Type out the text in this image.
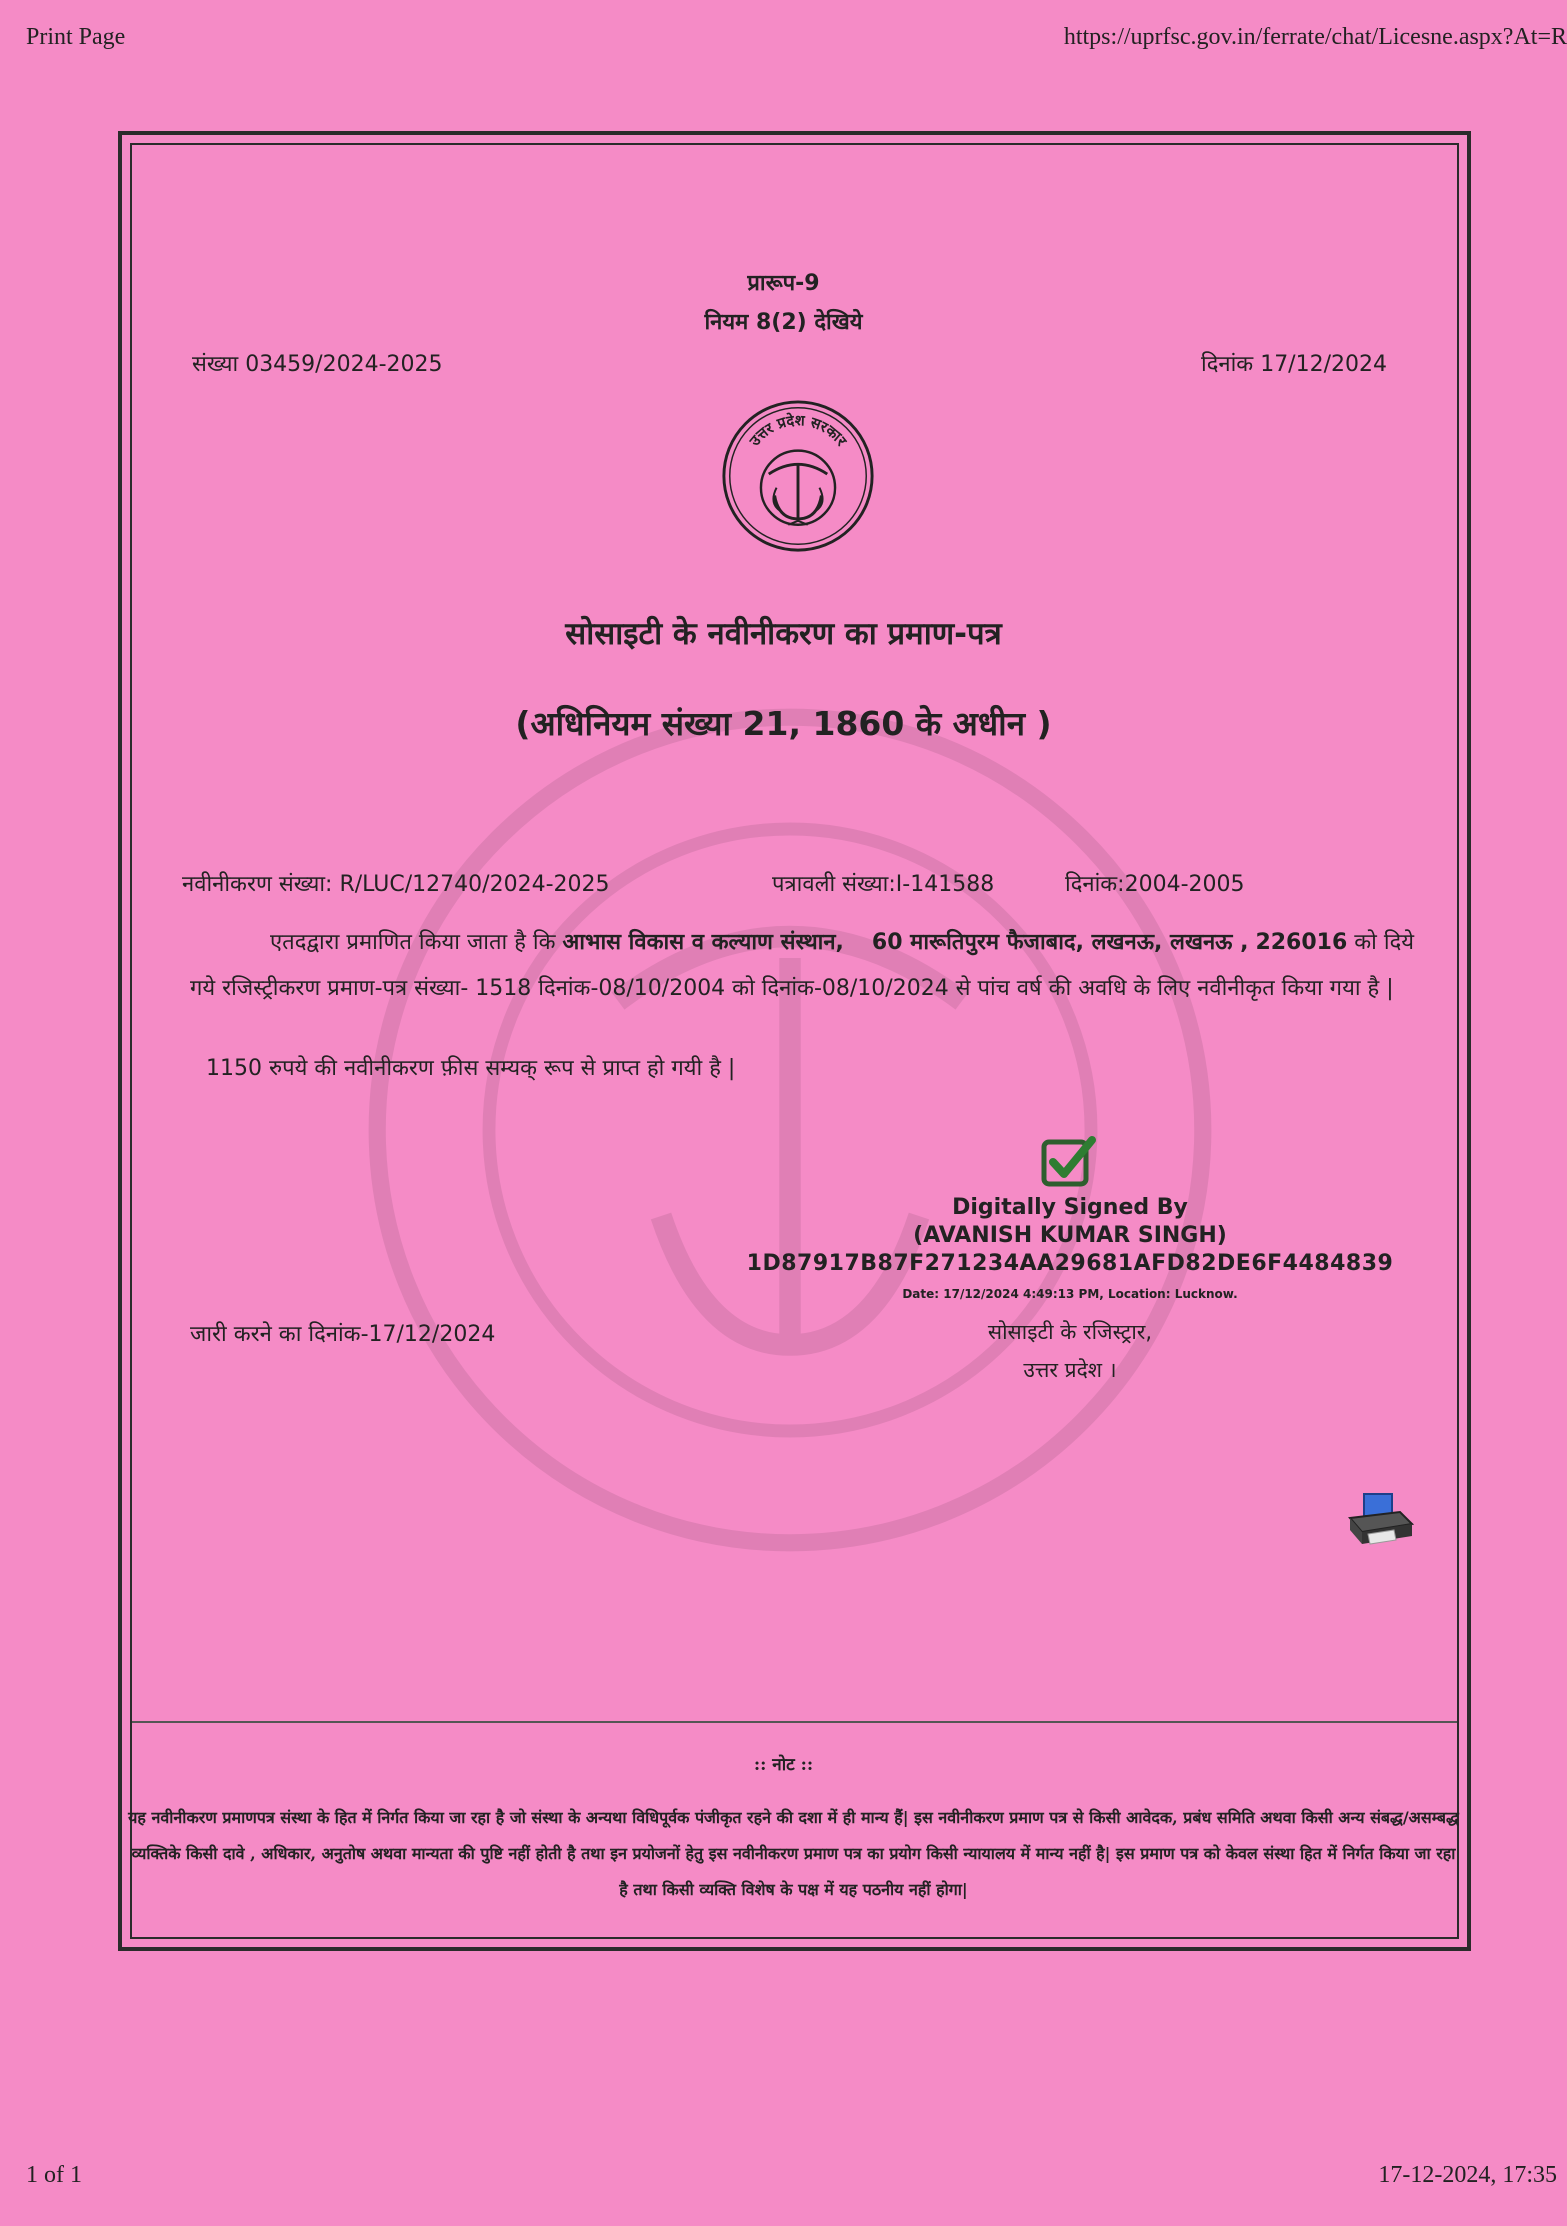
Print Page	https://uprfsc.gov.in/ferrate/chat/Licesne.aspx?At=R
प्रारूप-9
नियम 8(2) देखिये
संख्या 03459/2024-2025	दिनांक 17/12/2024
उत्तर प्रदेश सरकार
सोसाइटी के नवीनीकरण का प्रमाण-पत्र
(अधिनियम संख्या 21, 1860 के अधीन )
नवीनीकरण संख्या: R/LUC/12740/2024-2025	पत्रावली संख्या:I-141588	दिनांक:2004-2005
एतदद्वारा प्रमाणित किया जाता है कि आभास विकास व कल्याण संस्थान, 60 मारूतिपुरम फैजाबाद, लखनऊ, लखनऊ , 226016 को दिये गये रजिस्ट्रीकरण प्रमाण-पत्र संख्या- 1518 दिनांक-08/10/2004 को दिनांक-08/10/2024 से पांच वर्ष की अवधि के लिए नवीनीकृत किया गया है |
1150 रुपये की नवीनीकरण फ़ीस सम्यक् रूप से प्राप्त हो गयी है |
Digitally Signed By
(AVANISH KUMAR SINGH)
1D87917B87F271234AA29681AFD82DE6F4484839
Date: 17/12/2024 4:49:13 PM, Location: Lucknow.
जारी करने का दिनांक-17/12/2024	सोसाइटी के रजिस्ट्रार,
उत्तर प्रदेश ।
:: नोट ::
यह नवीनीकरण प्रमाणपत्र संस्था के हित में निर्गत किया जा रहा है जो संस्था के अन्यथा विधिपूर्वक पंजीकृत रहने की दशा में ही मान्य हैं| इस नवीनीकरण प्रमाण पत्र से किसी आवेदक, प्रबंध समिति अथवा किसी अन्य संबद्ध/असम्बद्ध व्यक्तिके किसी दावे , अधिकार, अनुतोष अथवा मान्यता की पुष्टि नहीं होती है तथा इन प्रयोजनों हेतु इस नवीनीकरण प्रमाण पत्र का प्रयोग किसी न्यायालय में मान्य नहीं है| इस प्रमाण पत्र को केवल संस्था हित में निर्गत किया जा रहा है तथा किसी व्यक्ति विशेष के पक्ष में यह पठनीय नहीं होगा|
1 of 1	17-12-2024, 17:35
